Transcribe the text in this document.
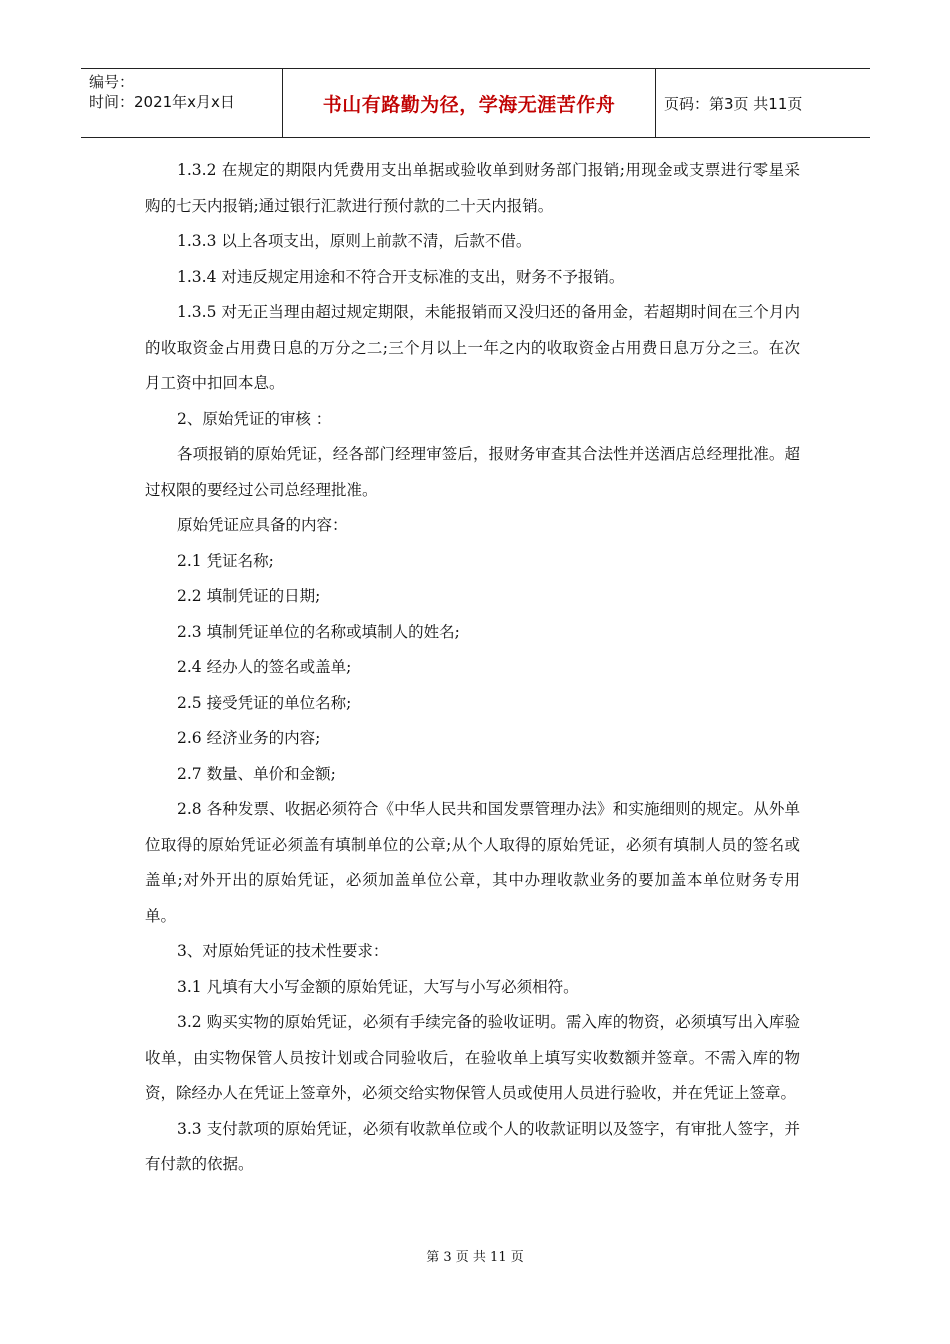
编号：
时间：2021年x月x日	书山有路勤为径，学海无涯苦作舟	页码：第3页 共11页

1.3.2 在规定的期限内凭费用支出单据或验收单到财务部门报销;用现金或支票进行零星采购的七天内报销;通过银行汇款进行预付款的二十天内报销。

1.3.3 以上各项支出，原则上前款不清，后款不借。

1.3.4 对违反规定用途和不符合开支标准的支出，财务不予报销。

1.3.5 对无正当理由超过规定期限，未能报销而又没归还的备用金，若超期时间在三个月内的收取资金占用费日息的万分之二;三个月以上一年之内的收取资金占用费日息万分之三。在次月工资中扣回本息。

2、原始凭证的审核 ：

各项报销的原始凭证，经各部门经理审签后，报财务审查其合法性并送酒店总经理批准。超过权限的要经过公司总经理批准。

原始凭证应具备的内容：

2.1 凭证名称;

2.2 填制凭证的日期;

2.3 填制凭证单位的名称或填制人的姓名;

2.4 经办人的签名或盖单;

2.5 接受凭证的单位名称;

2.6 经济业务的内容;

2.7 数量、单价和金额;

2.8 各种发票、收据必须符合《中华人民共和国发票管理办法》和实施细则的规定。从外单位取得的原始凭证必须盖有填制单位的公章;从个人取得的原始凭证，必须有填制人员的签名或盖单;对外开出的原始凭证，必须加盖单位公章，其中办理收款业务的要加盖本单位财务专用单。

3、对原始凭证的技术性要求：

3.1 凡填有大小写金额的原始凭证，大写与小写必须相符。

3.2 购买实物的原始凭证，必须有手续完备的验收证明。需入库的物资，必须填写出入库验收单，由实物保管人员按计划或合同验收后，在验收单上填写实收数额并签章。不需入库的物资，除经办人在凭证上签章外，必须交给实物保管人员或使用人员进行验收，并在凭证上签章。

3.3 支付款项的原始凭证，必须有收款单位或个人的收款证明以及签字，有审批人签字，并有付款的依据。

第 3 页 共 11 页
